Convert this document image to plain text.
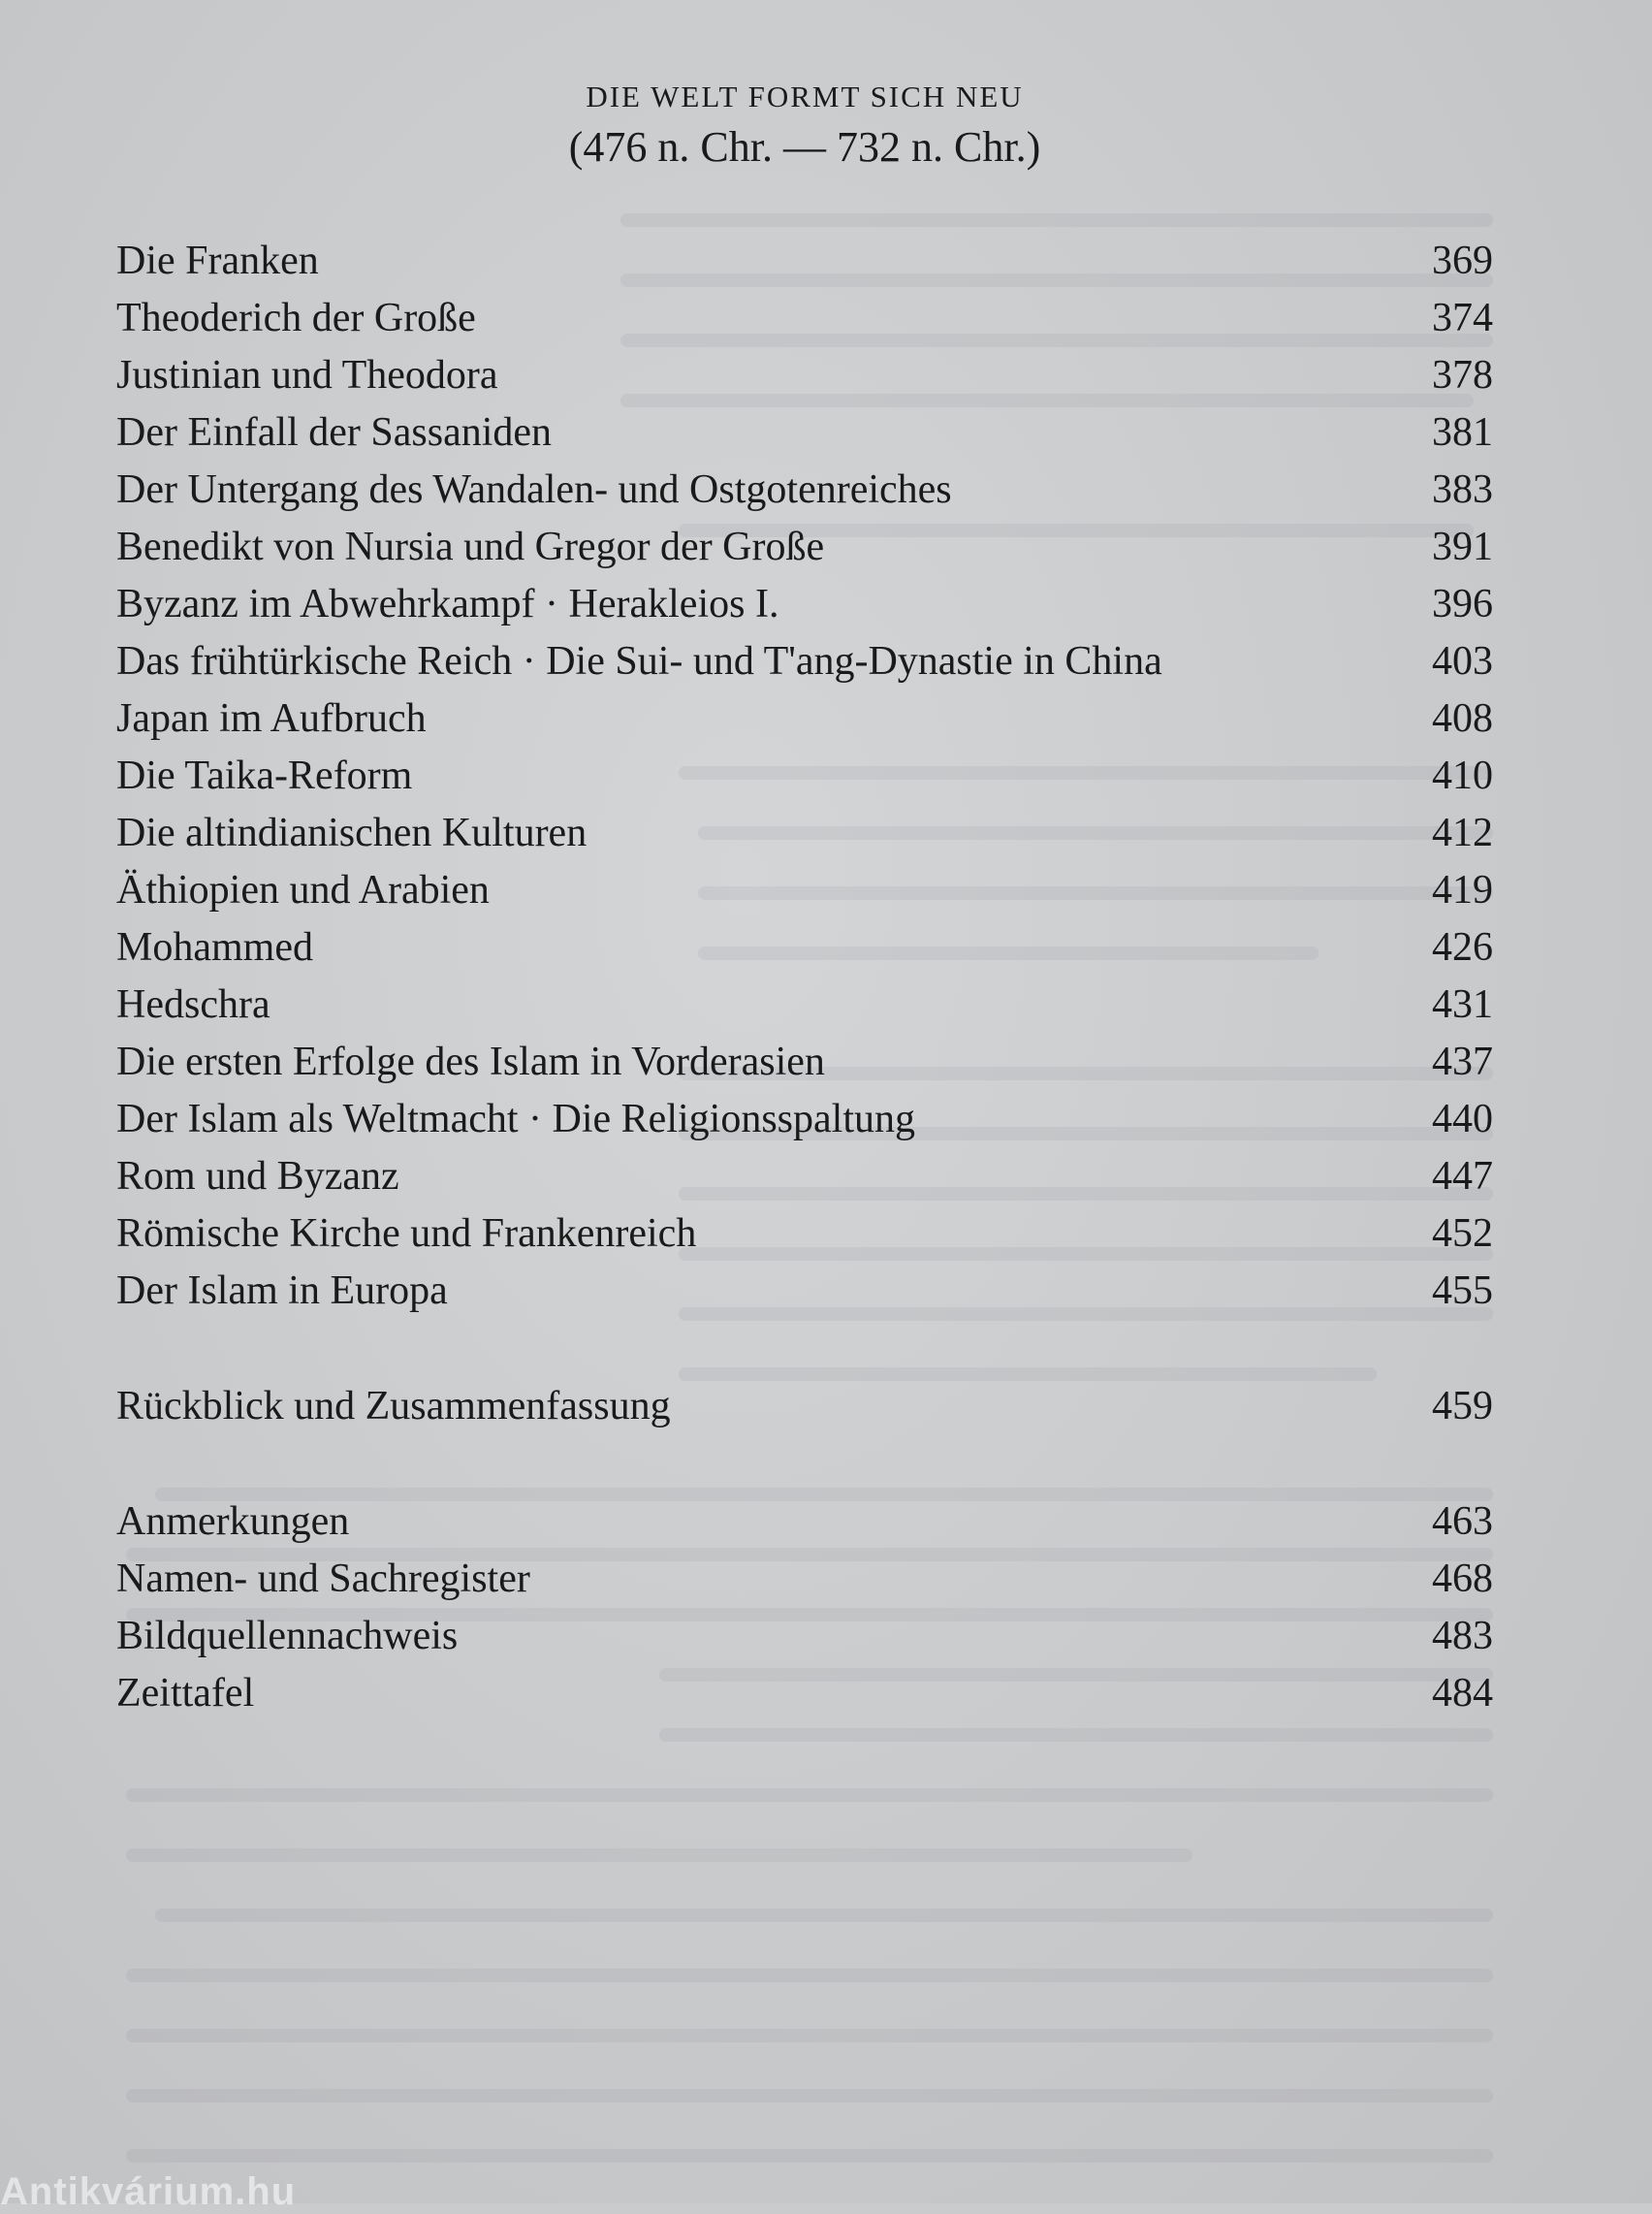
DIE WELT FORMT SICH NEU
(476 n. Chr. — 732 n. Chr.)
Die Franken	369
Theoderich der Große	374
Justinian und Theodora	378
Der Einfall der Sassaniden	381
Der Untergang des Wandalen- und Ostgotenreiches	383
Benedikt von Nursia und Gregor der Große	391
Byzanz im Abwehrkampf · Herakleios I.	396
Das frühtürkische Reich · Die Sui- und T'ang-Dynastie in China	403
Japan im Aufbruch	408
Die Taika-Reform	410
Die altindianischen Kulturen	412
Äthiopien und Arabien	419
Mohammed	426
Hedschra	431
Die ersten Erfolge des Islam in Vorderasien	437
Der Islam als Weltmacht · Die Religionsspaltung	440
Rom und Byzanz	447
Römische Kirche und Frankenreich	452
Der Islam in Europa	455
Rückblick und Zusammenfassung	459
Anmerkungen	463
Namen- und Sachregister	468
Bildquellennachweis	483
Zeittafel	484
Antikvárium.hu
